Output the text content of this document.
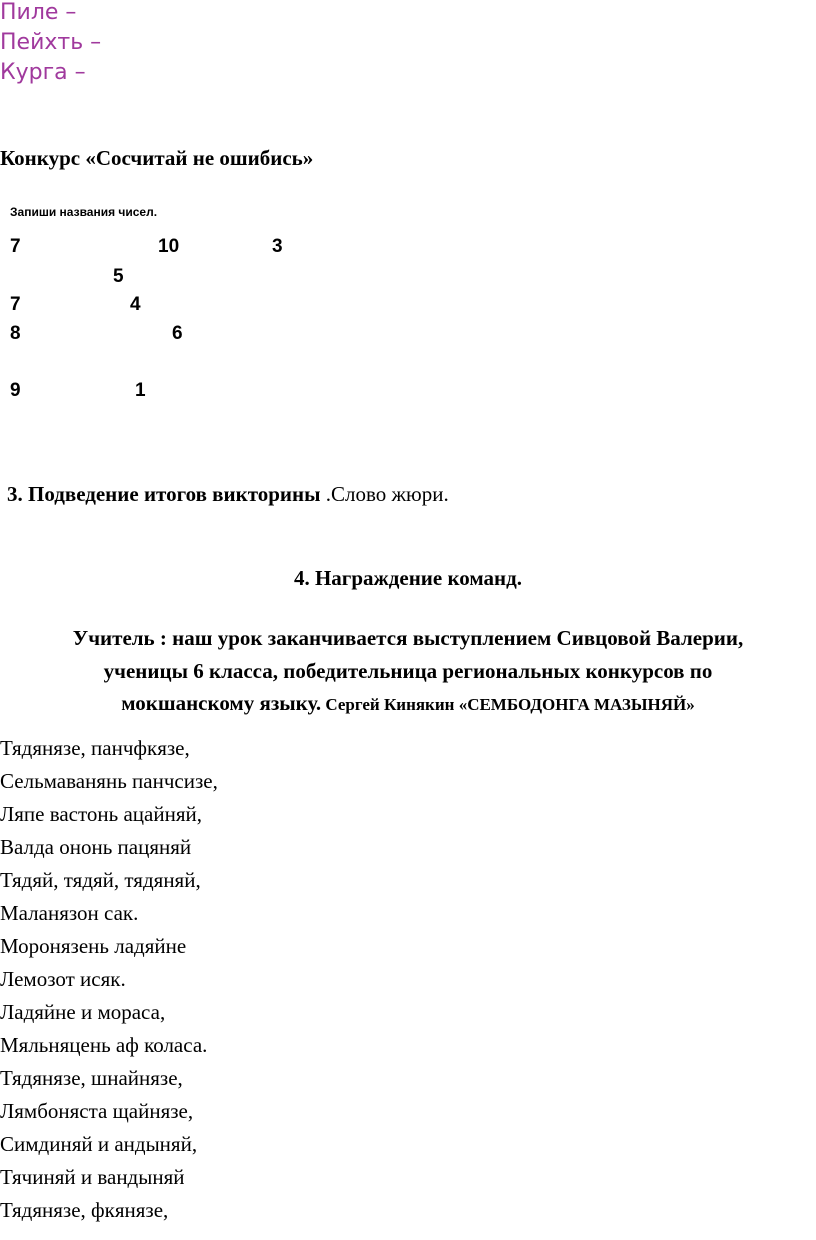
Пиле –
Пейхть –
Курга –
Конкурс «Сосчитай не ошибись»
Запиши названия чисел.
7	10	3
5
7	4
8	6
9	1
3. Подведение итогов викторины .Слово жюри.
4. Награждение команд.
Учитель : наш урок заканчивается выступлением Сивцовой Валерии,
ученицы 6 класса, победительница региональных конкурсов по
мокшанскому языку. Сергей Кинякин «СЕМБОДОНГА МАЗЫНЯЙ»
Тядянязе, панчфкязе,
Сельмаванянь панчсизе,
Ляпе вастонь ацайняй,
Валда ононь пацяняй
Тядяй, тядяй, тядяняй,
Маланязон сак.
Моронязень ладяйне
Лемозот исяк.
Ладяйне и мораса,
Мяльняцень аф коласа.
Тядянязе, шнайнязе,
Лямбоняста щайнязе,
Симдиняй и андыняй,
Тячиняй и вандыняй
Тядянязе, фкянязе,
